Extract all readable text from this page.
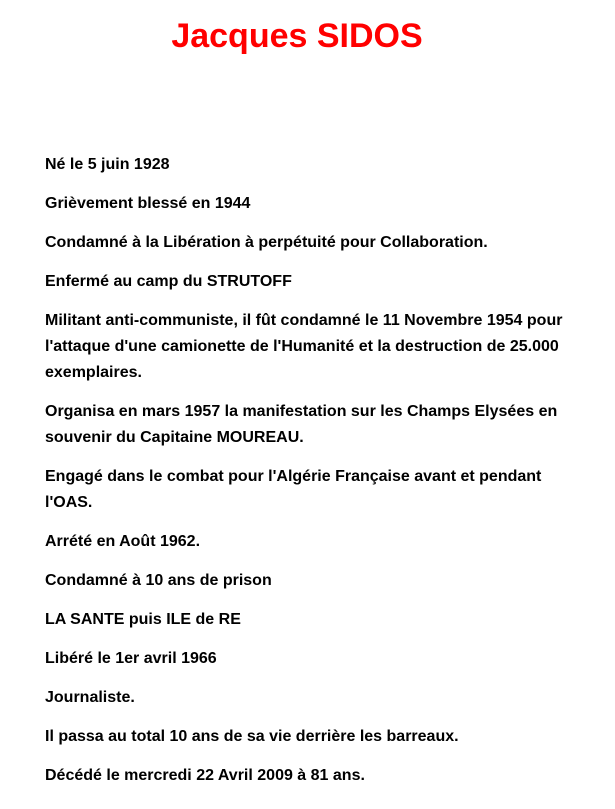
Jacques SIDOS
Né le 5 juin 1928
Grièvement blessé en 1944
Condamné à la Libération à perpétuité pour Collaboration.
Enfermé au camp du STRUTOFF
Militant anti-communiste, il fût condamné le 11 Novembre 1954 pour l'attaque d'une camionette de l'Humanité et la destruction de 25.000 exemplaires.
Organisa en mars 1957 la manifestation sur les Champs Elysées en souvenir du Capitaine MOUREAU.
Engagé dans le combat pour l'Algérie Française avant et pendant l'OAS.
Arrété en Août 1962.
Condamné à 10 ans de prison
LA SANTE puis ILE de RE
Libéré le 1er avril 1966
Journaliste.
Il passa au total 10 ans de sa vie derrière les barreaux.
Décédé le mercredi 22 Avril 2009 à 81 ans.
